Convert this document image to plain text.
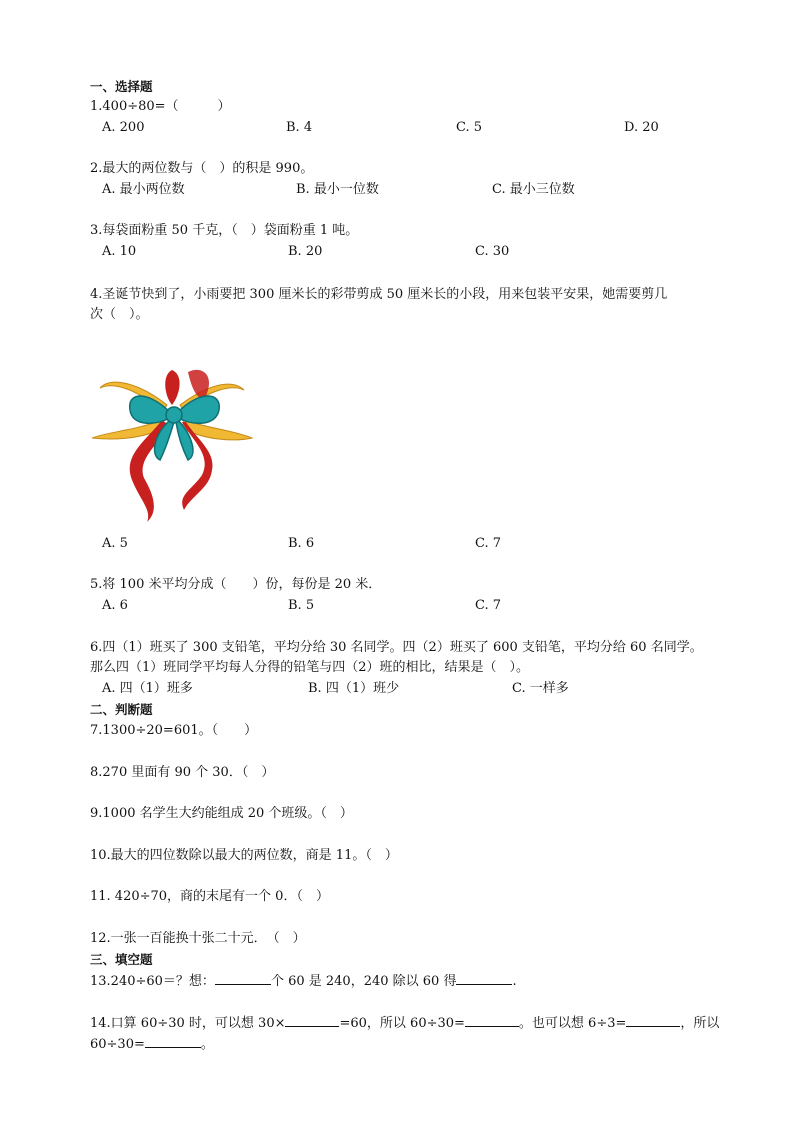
一、选择题
1.400÷80=（　　　）
A. 200	B. 4	C. 5	D. 20
2.最大的两位数与（　）的积是 990。
A. 最小两位数	B. 最小一位数	C. 最小三位数
3.每袋面粉重 50 千克，（　）袋面粉重 1 吨。
A. 10	B. 20	C. 30
4.圣诞节快到了，小雨要把 300 厘米长的彩带剪成 50 厘米长的小段，用来包装平安果，她需要剪几
次（　）。
A. 5	B. 6	C. 7
5.将 100 米平均分成（　　）份，每份是 20 米．
A. 6	B. 5	C. 7
6.四（1）班买了 300 支铅笔，平均分给 30 名同学。四（2）班买了 600 支铅笔，平均分给 60 名同学。
那么四（1）班同学平均每人分得的铅笔与四（2）班的相比，结果是（　）。
A. 四（1）班多	B. 四（1）班少	C. 一样多
二、判断题
7.1300÷20=601。（　　）
8.270 里面有 90 个 30．（　）
9.1000 名学生大约能组成 20 个班级。（　）
10.最大的四位数除以最大的两位数，商是 11。（　）
11. 420÷70，商的末尾有一个 0．（　）
12.一张一百能换十张二十元．　（　）
三、填空题
13.240÷60＝？想：	个 60 是 240，240 除以 60 得	.
14.口算 60÷30 时，可以想 30×	=60，所以 60÷30=	。也可以想 6÷3=	，所以
60÷30=	。
